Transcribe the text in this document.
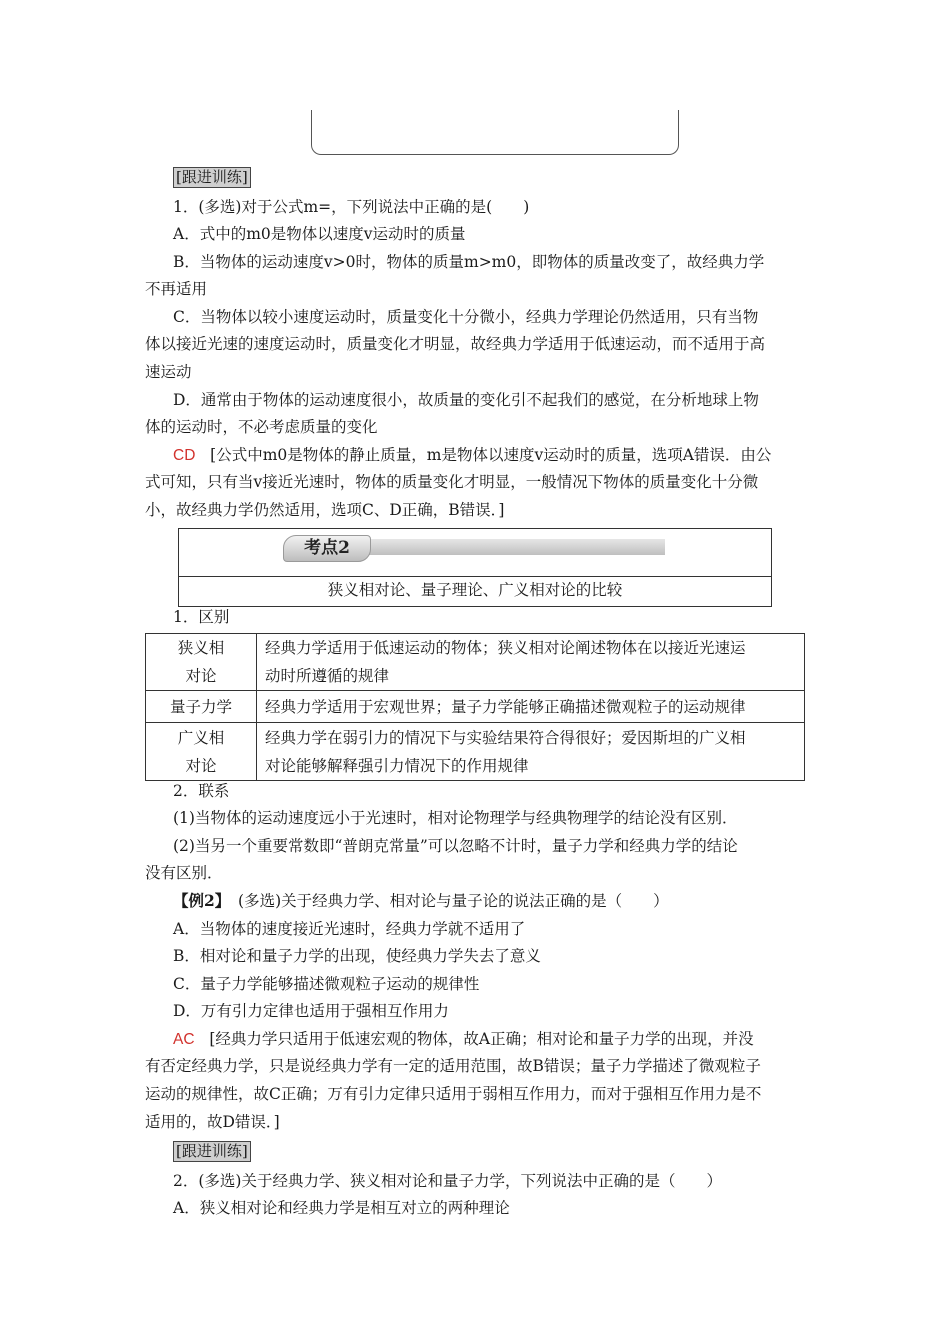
[跟进训练]
1．(多选)对于公式m=，下列说法中正确的是(　　)
A．式中的m0是物体以速度v运动时的质量
B．当物体的运动速度v>0时，物体的质量m>m0，即物体的质量改变了，故经典力学
不再适用
C．当物体以较小速度运动时，质量变化十分微小，经典力学理论仍然适用，只有当物
体以接近光速的速度运动时，质量变化才明显，故经典力学适用于低速运动，而不适用于高
速运动
D．通常由于物体的运动速度很小，故质量的变化引不起我们的感觉，在分析地球上物
体的运动时，不必考虑质量的变化
CD [公式中m0是物体的静止质量，m是物体以速度v运动时的质量，选项A错误．由公
式可知，只有当v接近光速时，物体的质量变化才明显，一般情况下物体的质量变化十分微
小，故经典力学仍然适用，选项C、D正确，B错误．]
考点2
狭义相对论、量子理论、广义相对论的比较
1．区别
狭义相
对论	经典力学适用于低速运动的物体；狭义相对论阐述物体在以接近光速运
动时所遵循的规律
量子力学	经典力学适用于宏观世界；量子力学能够正确描述微观粒子的运动规律
广义相
对论	经典力学在弱引力的情况下与实验结果符合得很好；爱因斯坦的广义相
对论能够解释强引力情况下的作用规律
2．联系
(1)当物体的运动速度远小于光速时，相对论物理学与经典物理学的结论没有区别．
(2)当另一个重要常数即“普朗克常量”可以忽略不计时，量子力学和经典力学的结论
没有区别．
【例2】　(多选)关于经典力学、相对论与量子论的说法正确的是（　　）
A．当物体的速度接近光速时，经典力学就不适用了
B．相对论和量子力学的出现，使经典力学失去了意义
C．量子力学能够描述微观粒子运动的规律性
D．万有引力定律也适用于强相互作用力
AC [经典力学只适用于低速宏观的物体，故A正确；相对论和量子力学的出现，并没
有否定经典力学，只是说经典力学有一定的适用范围，故B错误；量子力学描述了微观粒子
运动的规律性，故C正确；万有引力定律只适用于弱相互作用力，而对于强相互作用力是不
适用的，故D错误．]
[跟进训练]
2．(多选)关于经典力学、狭义相对论和量子力学，下列说法中正确的是（　　）
A．狭义相对论和经典力学是相互对立的两种理论
